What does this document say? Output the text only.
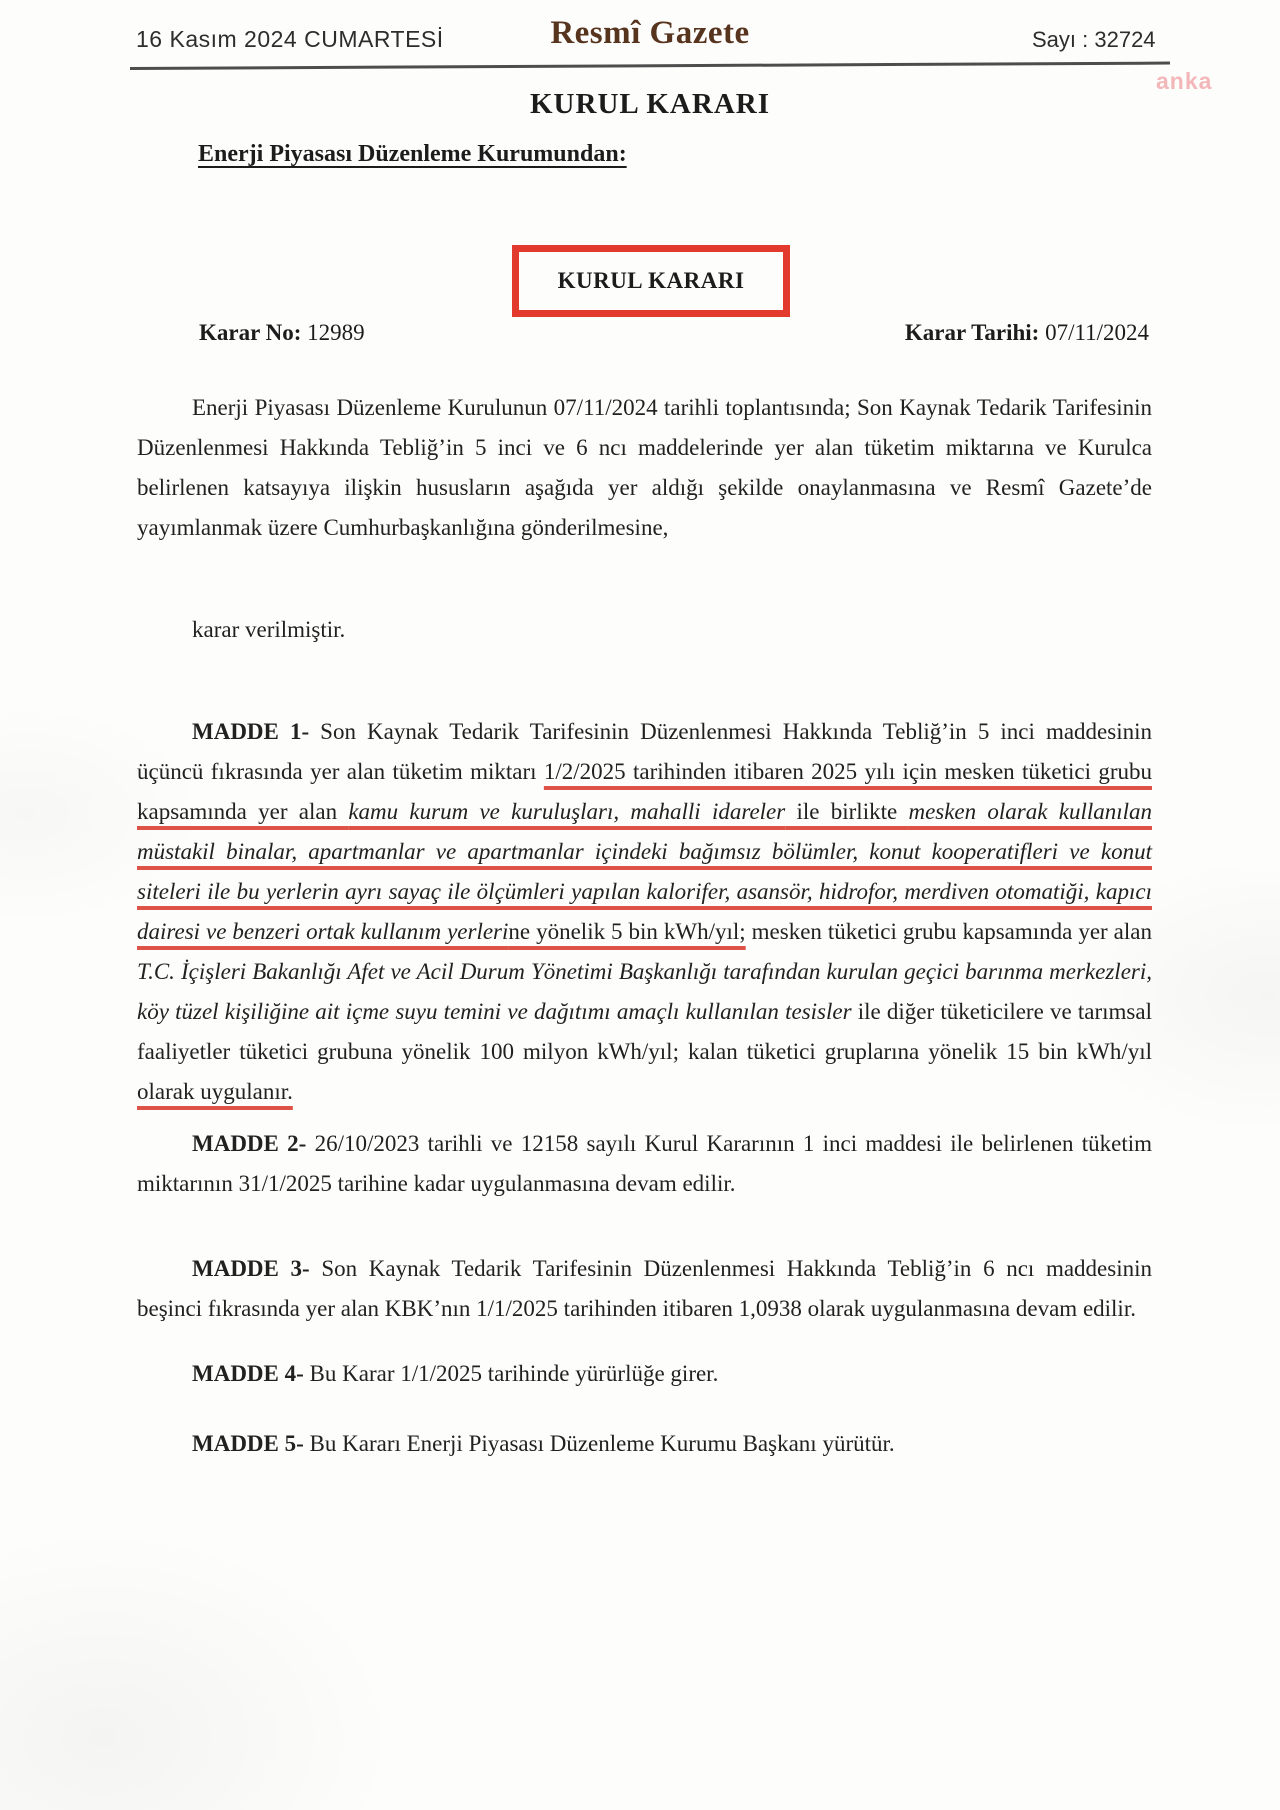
16 Kasım 2024 CUMARTESİ	Resmî Gazete	Sayı : 32724
anka
KURUL KARARI
Enerji Piyasası Düzenleme Kurumundan:
KURUL KARARI
Karar No: 12989	Karar Tarihi: 07/11/2024

Enerji Piyasası Düzenleme Kurulunun 07/11/2024 tarihli toplantısında; Son Kaynak Tedarik Tarifesinin Düzenlenmesi Hakkında Tebliğ’in 5 inci ve 6 ncı maddelerinde yer alan tüketim miktarına ve Kurulca belirlenen katsayıya ilişkin hususların aşağıda yer aldığı şekilde onaylanmasına ve Resmî Gazete’de yayımlanmak üzere Cumhurbaşkanlığına gönderilmesine,

karar verilmiştir.

MADDE 1- Son Kaynak Tedarik Tarifesinin Düzenlenmesi Hakkında Tebliğ’in 5 inci maddesinin üçüncü fıkrasında yer alan tüketim miktarı 1/2/2025 tarihinden itibaren 2025 yılı için mesken tüketici grubu kapsamında yer alan kamu kurum ve kuruluşları, mahalli idareler ile birlikte mesken olarak kullanılan müstakil binalar, apartmanlar ve apartmanlar içindeki bağımsız bölümler, konut kooperatifleri ve konut siteleri ile bu yerlerin ayrı sayaç ile ölçümleri yapılan kalorifer, asansör, hidrofor, merdiven otomatiği, kapıcı dairesi ve benzeri ortak kullanım yerlerine yönelik 5 bin kWh/yıl; mesken tüketici grubu kapsamında yer alan T.C. İçişleri Bakanlığı Afet ve Acil Durum Yönetimi Başkanlığı tarafından kurulan geçici barınma merkezleri, köy tüzel kişiliğine ait içme suyu temini ve dağıtımı amaçlı kullanılan tesisler ile diğer tüketicilere ve tarımsal faaliyetler tüketici grubuna yönelik 100 milyon kWh/yıl; kalan tüketici gruplarına yönelik 15 bin kWh/yıl olarak uygulanır.

MADDE 2- 26/10/2023 tarihli ve 12158 sayılı Kurul Kararının 1 inci maddesi ile belirlenen tüketim miktarının 31/1/2025 tarihine kadar uygulanmasına devam edilir.

MADDE 3- Son Kaynak Tedarik Tarifesinin Düzenlenmesi Hakkında Tebliğ’in 6 ncı maddesinin beşinci fıkrasında yer alan KBK’nın 1/1/2025 tarihinden itibaren 1,0938 olarak uygulanmasına devam edilir.

MADDE 4- Bu Karar 1/1/2025 tarihinde yürürlüğe girer.

MADDE 5- Bu Kararı Enerji Piyasası Düzenleme Kurumu Başkanı yürütür.
